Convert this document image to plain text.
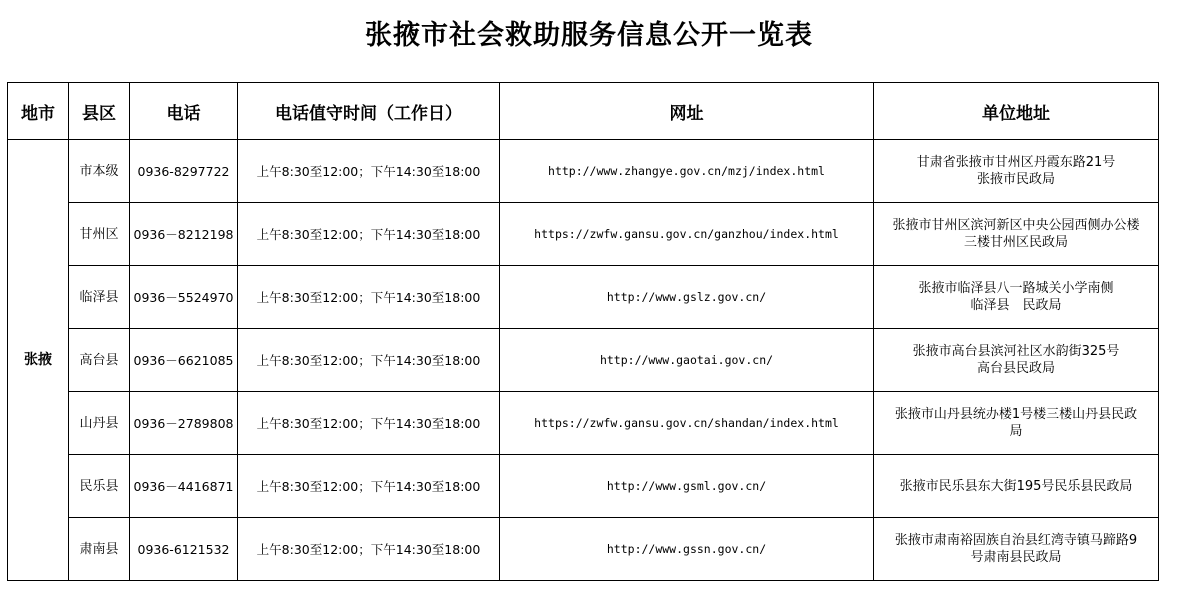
张掖市社会救助服务信息公开一览表
地市	县区	电话	电话值守时间（工作日）	网址	单位地址
张掖	市本级	0936-8297722	上午8:30至12:00；下午14:30至18:00	http://www.zhangye.gov.cn/mzj/index.html	甘肃省张掖市甘州区丹霞东路21号
张掖市民政局

	甘州区	0936－8212198	上午8:30至12:00；下午14:30至18:00	https://zwfw.gansu.gov.cn/ganzhou/index.html	张掖市甘州区滨河新区中央公园西侧办公楼
三楼甘州区民政局

	临泽县	0936－5524970	上午8:30至12:00；下午14:30至18:00	http://www.gslz.gov.cn/	张掖市临泽县八一路城关小学南侧
临泽县　民政局

	高台县	0936－6621085	上午8:30至12:00；下午14:30至18:00	http://www.gaotai.gov.cn/	张掖市高台县滨河社区水韵街325号
高台县民政局

	山丹县	0936－2789808	上午8:30至12:00；下午14:30至18:00	https://zwfw.gansu.gov.cn/shandan/index.html	张掖市山丹县统办楼1号楼三楼山丹县民政
局

	民乐县	0936－4416871	上午8:30至12:00；下午14:30至18:00	http://www.gsml.gov.cn/	张掖市民乐县东大街195号民乐县民政局

	肃南县	0936-6121532	上午8:30至12:00；下午14:30至18:00	http://www.gssn.gov.cn/	张掖市肃南裕固族自治县红湾寺镇马蹄路9
号肃南县民政局
